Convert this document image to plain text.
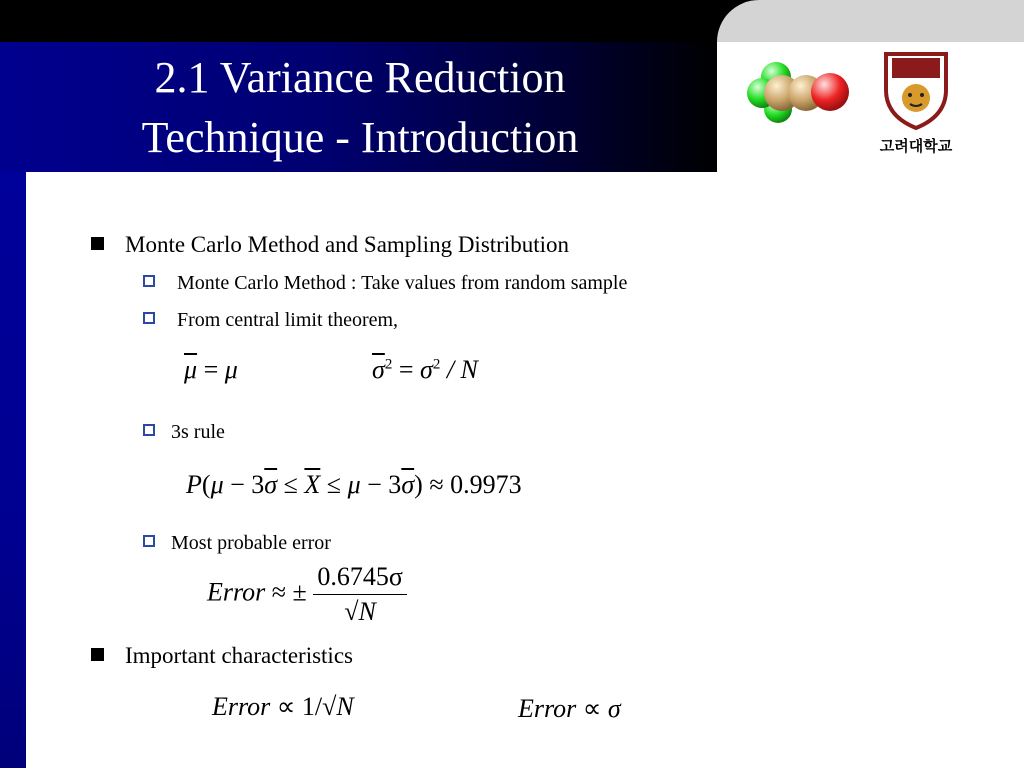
2.1 Variance Reduction
Technique - Introduction	고려대학교
Monte Carlo Method and Sampling Distribution
Monte Carlo Method : Take values from random sample
From central limit theorem,
$\overline{\mu} = \mu$	$\overline{\sigma}^2 = \sigma^2 / N$
3s rule
$P(\mu - 3\overline{\sigma} \le \overline{X} \le \mu - 3\overline{\sigma}) \approx 0.9973$
Most probable error
Error ≈ ± $\frac{0.6745\sigma}{√N}$
Important characteristics
Error ∝ 1/√N	Error ∝ σ
